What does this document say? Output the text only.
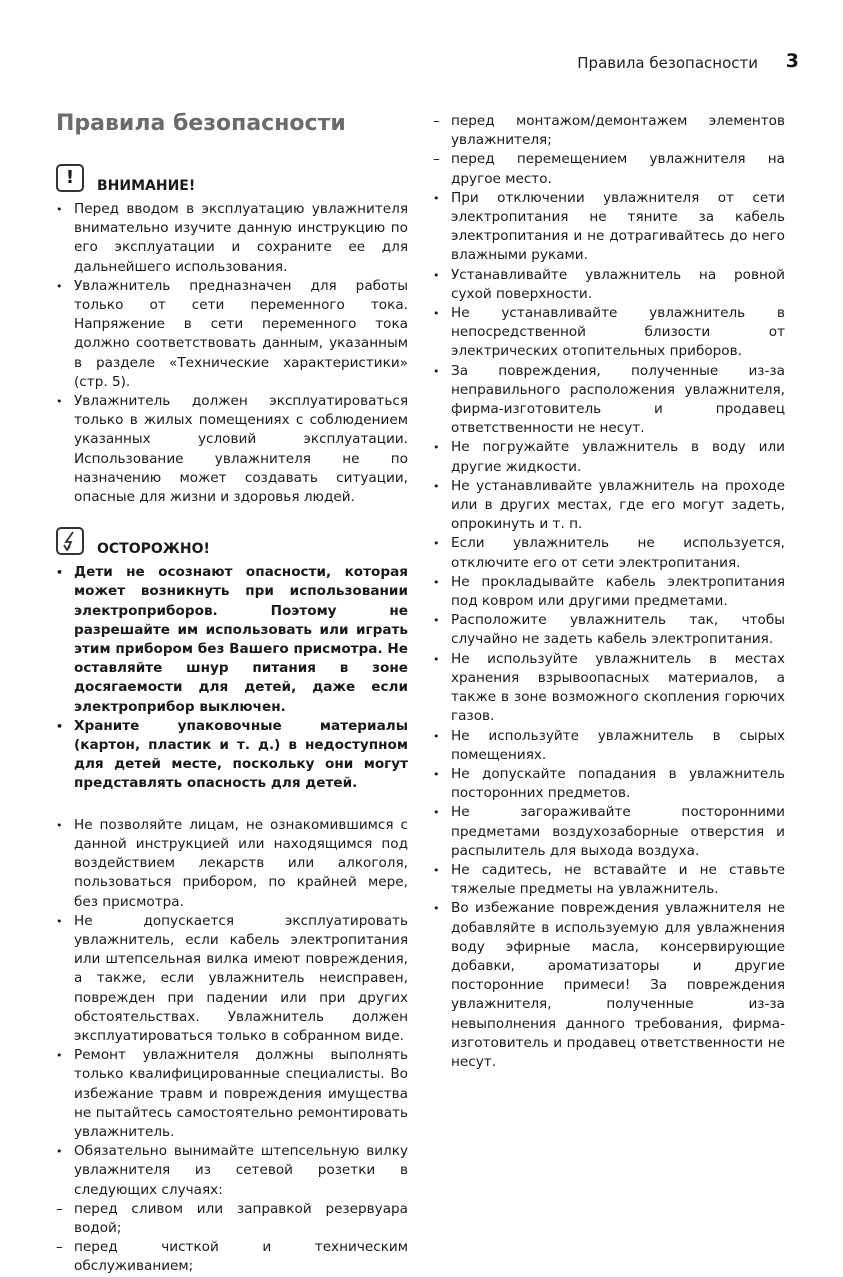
Правила безопасности 3
Правила безопасности
!	ВНИМАНИЕ!
• Перед вводом в эксплуатацию увлажнителя внимательно изучите данную инструкцию по его эксплуатации и сохраните ее для дальнейшего использования.
• Увлажнитель предназначен для работы только от сети переменного тока. Напряжение в сети переменного тока должно соответствовать данным, указанным в разделе «Технические характеристики» (стр. 5).
• Увлажнитель должен эксплуатироваться только в жилых помещениях с соблюдением указанных условий эксплуатации. Использование увлажнителя не по назначению может создавать ситуации, опасные для жизни и здоровья людей.
ОСТОРОЖНО!
• Дети не осознают опасности, которая может возникнуть при использовании электроприборов. Поэтому не разрешайте им использовать или играть этим прибором без Вашего присмотра. Не оставляйте шнур питания в зоне досягаемости для детей, даже если электроприбор выключен.
• Храните упаковочные материалы (картон, пластик и т. д.) в недоступном для детей месте, поскольку они могут представлять опасность для детей.
• Не позволяйте лицам, не ознакомившимся с данной инструкцией или находящимся под воздействием лекарств или алкоголя, пользоваться прибором, по крайней мере, без присмотра.
• Не допускается эксплуатировать увлажнитель, если кабель электропитания или штепсельная вилка имеют повреждения, а также, если увлажнитель неисправен, поврежден при падении или при других обстоятельствах. Увлажнитель должен эксплуатироваться только в собранном виде.
• Ремонт увлажнителя должны выполнять только квалифицированные специалисты. Во избежание травм и повреждения имущества не пытайтесь самостоятельно ремонтировать увлажнитель.
• Обязательно вынимайте штепсельную вилку увлажнителя из сетевой розетки в следующих случаях:
– перед сливом или заправкой резервуара водой;
– перед чисткой и техническим обслуживанием;
– перед монтажом/демонтажем элементов увлажнителя;
– перед перемещением увлажнителя на другое место.
• При отключении увлажнителя от сети электропитания не тяните за кабель электропитания и не дотрагивайтесь до него влажными руками.
• Устанавливайте увлажнитель на ровной сухой поверхности.
• Не устанавливайте увлажнитель в непосредственной близости от электрических отопительных приборов.
• За повреждения, полученные из-за неправильного расположения увлажнителя, фирма-изготовитель и продавец ответственности не несут.
• Не погружайте увлажнитель в воду или другие жидкости.
• Не устанавливайте увлажнитель на проходе или в других местах, где его могут задеть, опрокинуть и т. п.
• Если увлажнитель не используется, отключите его от сети электропитания.
• Не прокладывайте кабель электропитания под ковром или другими предметами.
• Расположите увлажнитель так, чтобы случайно не задеть кабель электропитания.
• Не используйте увлажнитель в местах хранения взрывоопасных материалов, а также в зоне возможного скопления горючих газов.
• Не используйте увлажнитель в сырых помещениях.
• Не допускайте попадания в увлажнитель посторонних предметов.
• Не загораживайте посторонними предметами воздухозаборные отверстия и распылитель для выхода воздуха.
• Не садитесь, не вставайте и не ставьте тяжелые предметы на увлажнитель.
• Во избежание повреждения увлажнителя не добавляйте в используемую для увлажнения воду эфирные масла, консервирующие добавки, ароматизаторы и другие посторонние примеси! За повреждения увлажнителя, полученные из-за невыполнения данного требования, фирма-изготовитель и продавец ответственности не несут.
